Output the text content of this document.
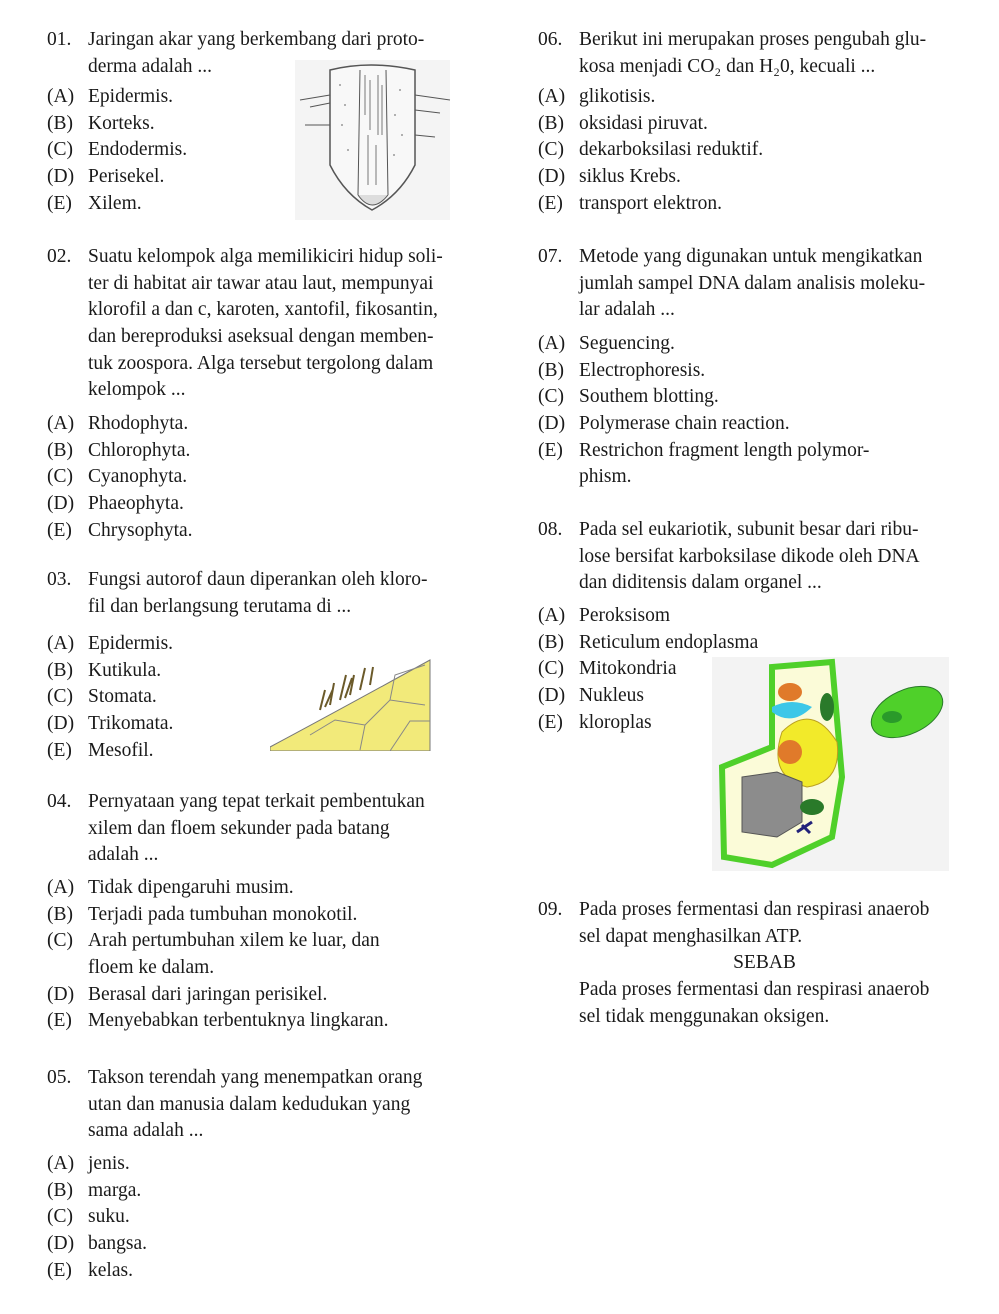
01. Jaringan akar yang berkembang dari proto-
derma adalah ...
(A) Epidermis.
(B) Korteks.
(C) Endodermis.
(D) Perisekel.
(E) Xilem.
02. Suatu kelompok alga memilikiciri hidup soli-
ter di habitat air tawar atau laut, mempunyai
klorofil a dan c, karoten, xantofil, fikosantin,
dan bereproduksi aseksual dengan memben-
tuk zoospora. Alga tersebut tergolong dalam
kelompok ...
(A) Rhodophyta.
(B) Chlorophyta.
(C) Cyanophyta.
(D) Phaeophyta.
(E) Chrysophyta.
03. Fungsi autorof daun diperankan oleh kloro-
fil dan berlangsung terutama di ...
(A) Epidermis.
(B) Kutikula.
(C) Stomata.
(D) Trikomata.
(E) Mesofil.
04. Pernyataan yang tepat terkait pembentukan
xilem dan floem sekunder pada batang
adalah ...
(A) Tidak dipengaruhi musim.
(B) Terjadi pada tumbuhan monokotil.
(C) Arah pertumbuhan xilem ke luar, dan
floem ke dalam.
(D) Berasal dari jaringan perisikel.
(E) Menyebabkan terbentuknya lingkaran.
05. Takson terendah yang menempatkan orang
utan dan manusia dalam kedudukan yang
sama adalah ...
(A) jenis.
(B) marga.
(C) suku.
(D) bangsa.
(E) kelas.
06. Berikut ini merupakan proses pengubah glu-
kosa menjadi CO₂ dan H₂0, kecuali ...
(A) glikotisis.
(B) oksidasi piruvat.
(C) dekarboksilasi reduktif.
(D) siklus Krebs.
(E) transport elektron.
07. Metode yang digunakan untuk mengikatkan
jumlah sampel DNA dalam analisis moleku-
lar adalah ...
(A) Seguencing.
(B) Electrophoresis.
(C) Southem blotting.
(D) Polymerase chain reaction.
(E) Restrichon fragment length polymor-
phism.
08. Pada sel eukariotik, subunit besar dari ribu-
lose bersifat karboksilase dikode oleh DNA
dan diditensis dalam organel ...
(A) Peroksisom
(B) Reticulum endoplasma
(C) Mitokondria
(D) Nukleus
(E) kloroplas
09. Pada proses fermentasi dan respirasi anaerob
sel dapat menghasilkan ATP.
SEBAB
Pada proses fermentasi dan respirasi anaerob
sel tidak menggunakan oksigen.
